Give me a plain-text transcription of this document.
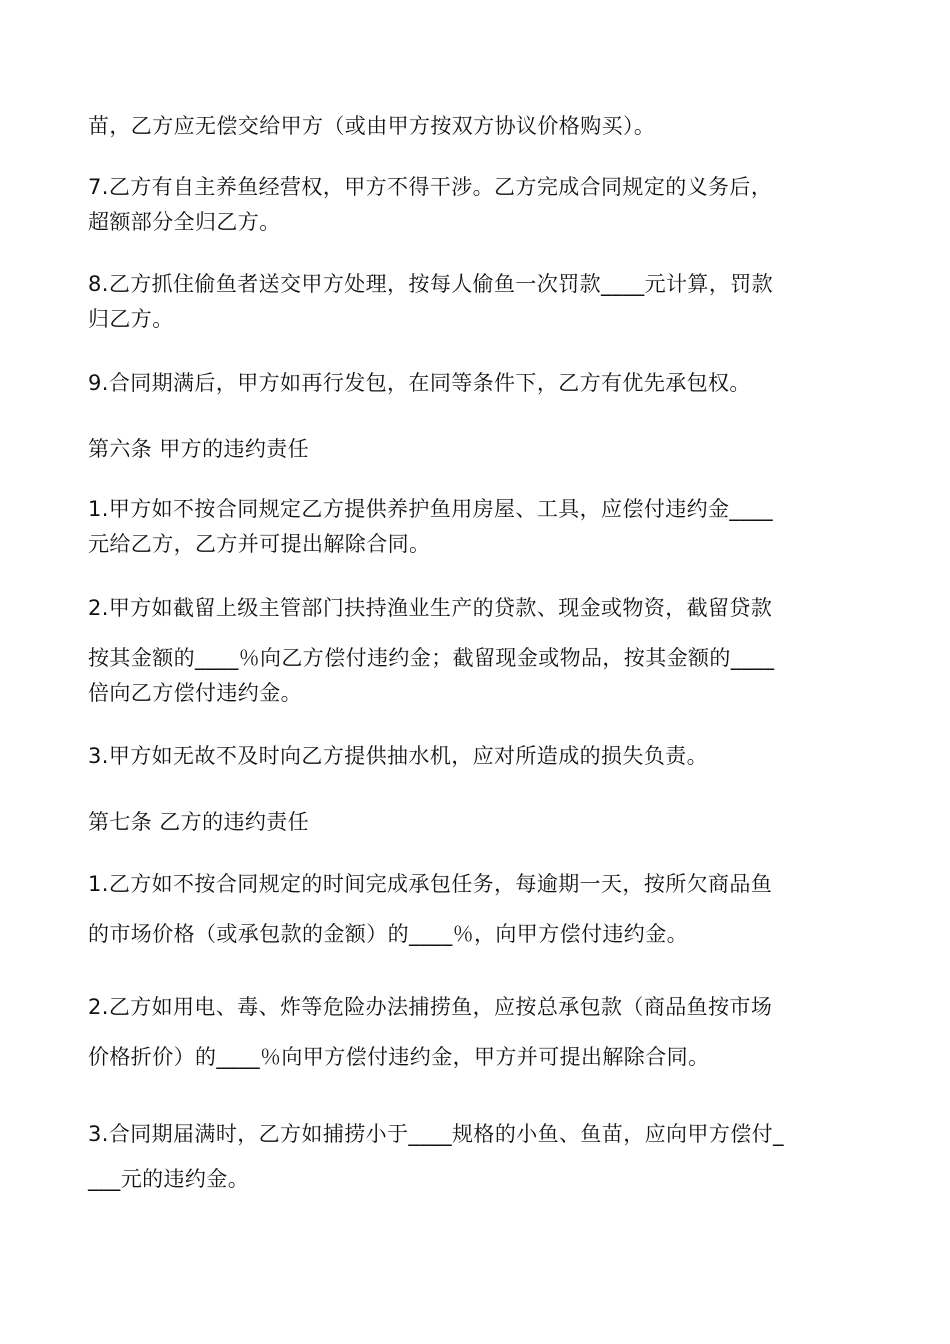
苗，乙方应无偿交给甲方（或由甲方按双方协议价格购买）。

7.乙方有自主养鱼经营权，甲方不得干涉。乙方完成合同规定的义务后，
超额部分全归乙方。

8.乙方抓住偷鱼者送交甲方处理，按每人偷鱼一次罚款____元计算，罚款
归乙方。

9.合同期满后，甲方如再行发包，在同等条件下，乙方有优先承包权。

第六条 甲方的违约责任

1.甲方如不按合同规定乙方提供养护鱼用房屋、工具，应偿付违约金____
元给乙方，乙方并可提出解除合同。

2.甲方如截留上级主管部门扶持渔业生产的贷款、现金或物资，截留贷款
按其金额的____％向乙方偿付违约金；截留现金或物品，按其金额的____
倍向乙方偿付违约金。

3.甲方如无故不及时向乙方提供抽水机，应对所造成的损失负责。

第七条 乙方的违约责任

1.乙方如不按合同规定的时间完成承包任务，每逾期一天，按所欠商品鱼
的市场价格（或承包款的金额）的____％，向甲方偿付违约金。

2.乙方如用电、毒、炸等危险办法捕捞鱼，应按总承包款（商品鱼按市场
价格折价）的____％向甲方偿付违约金，甲方并可提出解除合同。

3.合同期届满时，乙方如捕捞小于____规格的小鱼、鱼苗，应向甲方偿付_
___元的违约金。
